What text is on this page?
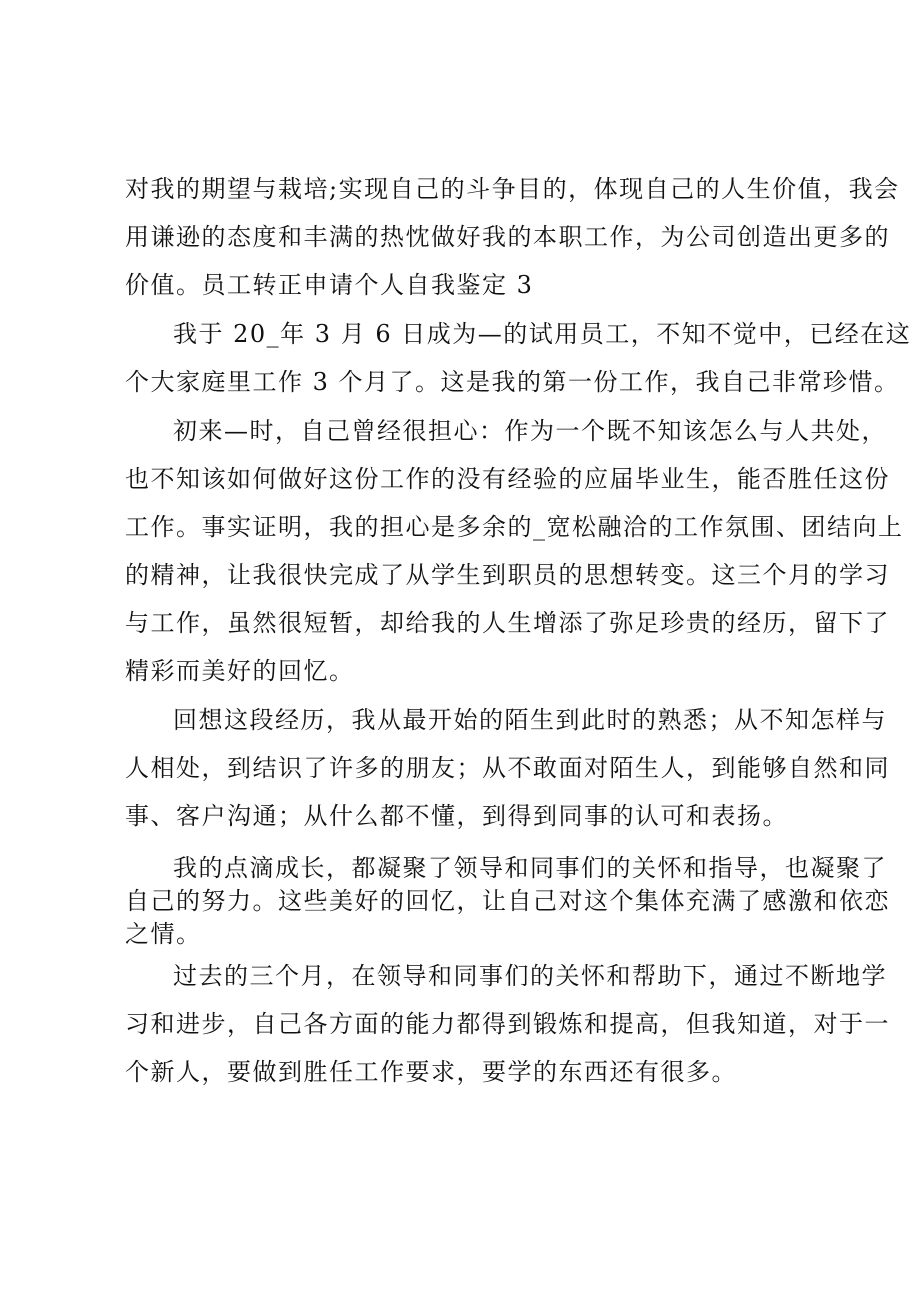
对我的期望与栽培;实现自己的斗争目的，体现自己的人生价值，我会
用谦逊的态度和丰满的热忱做好我的本职工作，为公司创造出更多的
价值。员工转正申请个人自我鉴定 3
我于 20_年 3 月 6 日成为—的试用员工，不知不觉中，已经在这
个大家庭里工作 3 个月了。这是我的第一份工作，我自己非常珍惜。
初来—时，自己曾经很担心：作为一个既不知该怎么与人共处，
也不知该如何做好这份工作的没有经验的应届毕业生，能否胜任这份
工作。事实证明，我的担心是多余的_宽松融洽的工作氛围、团结向上
的精神，让我很快完成了从学生到职员的思想转变。这三个月的学习
与工作，虽然很短暂，却给我的人生增添了弥足珍贵的经历，留下了
精彩而美好的回忆。
回想这段经历，我从最开始的陌生到此时的熟悉；从不知怎样与
人相处，到结识了许多的朋友；从不敢面对陌生人，到能够自然和同
事、客户沟通；从什么都不懂，到得到同事的认可和表扬。
我的点滴成长，都凝聚了领导和同事们的关怀和指导，也凝聚了
自己的努力。这些美好的回忆，让自己对这个集体充满了感激和依恋
之情。
过去的三个月，在领导和同事们的关怀和帮助下，通过不断地学
习和进步，自己各方面的能力都得到锻炼和提高，但我知道，对于一
个新人，要做到胜任工作要求，要学的东西还有很多。
